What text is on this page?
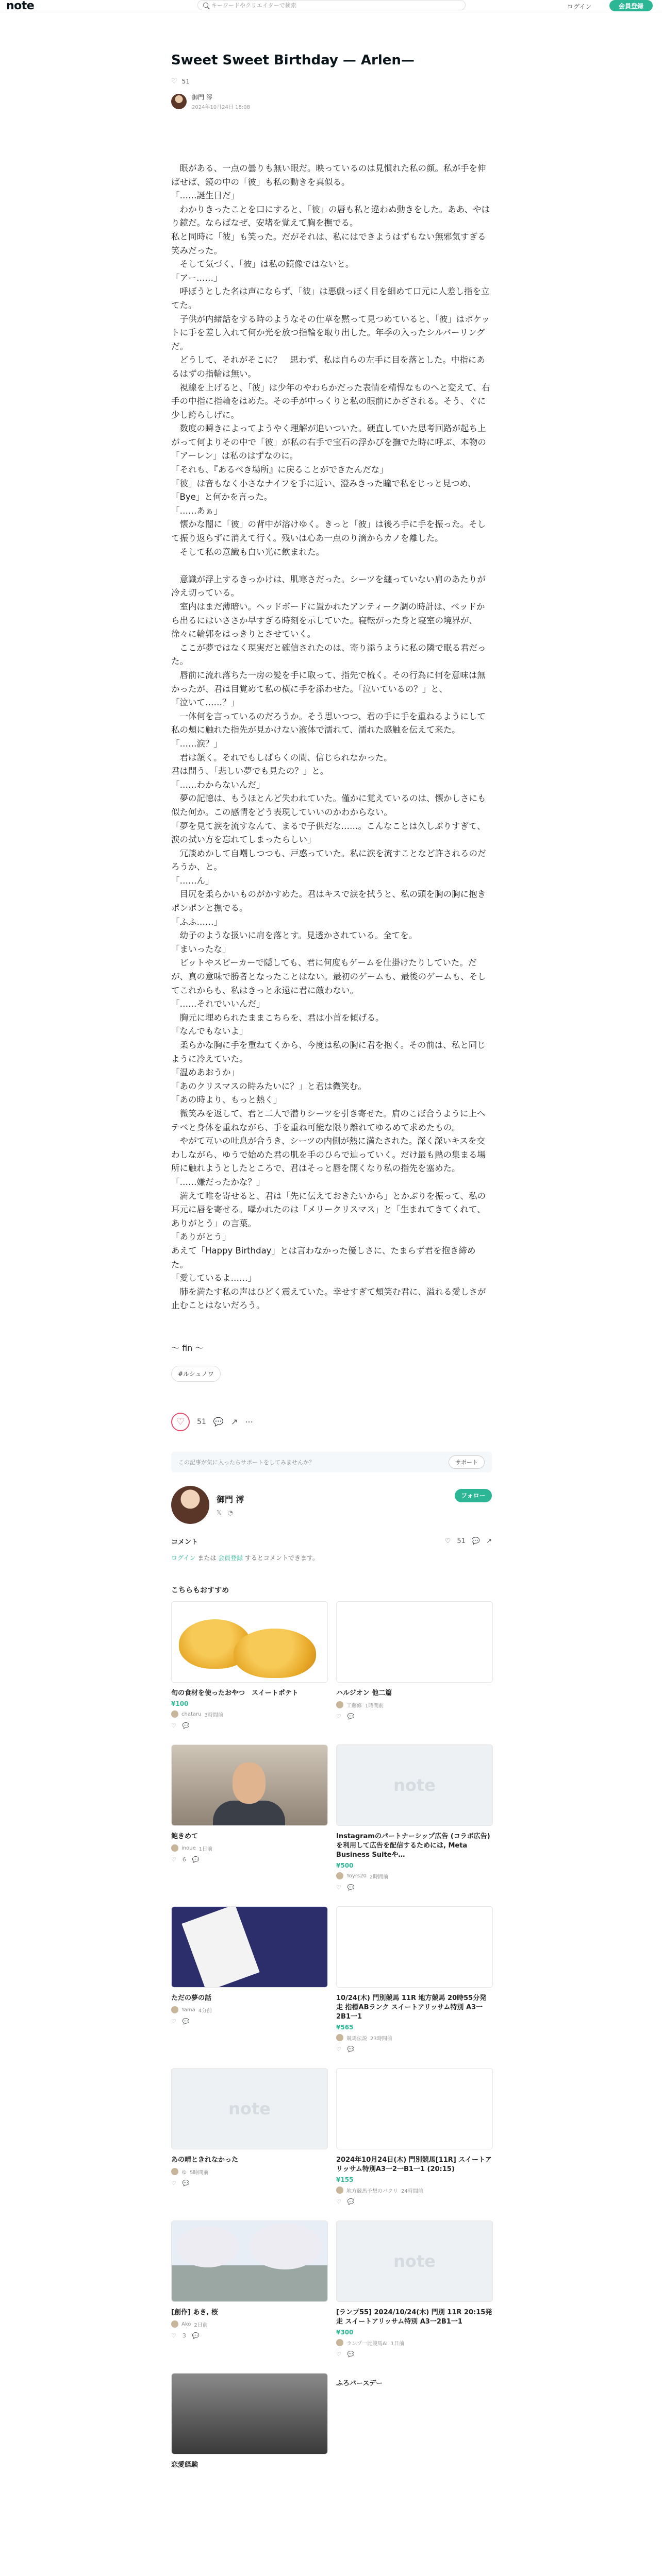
note	キーワードやクリエイターで検索	ログイン	会員登録
Sweet Sweet Birthday — Arlen—
♡ 51
御門 澪
2024年10月24日 18:08

　眼がある、一点の曇りも無い眼だ。映っているのは見慣れた私の顔。私が手を伸ばせば、鏡の中の「彼」も私の動きを真似る。

「……誕生日だ」

　わかりきったことを口にすると、「彼」の唇も私と違わぬ動きをした。ああ、やはり鏡だ。ならばなぜ、安堵を覚えて胸を撫でる。

私と同時に「彼」も笑った。だがそれは、私にはできようはずもない無邪気すぎる笑みだった。

　そして気づく、「彼」は私の鏡像ではないと。

「アー……」

　呼ぼうとした名は声にならず、「彼」は悪戯っぽく目を細めて口元に人差し指を立てた。

　子供が内緒話をする時のようなその仕草を黙って見つめていると、「彼」はポケットに手を差し入れて何か光を放つ指輪を取り出した。年季の入ったシルバーリングだ。

　どうして、それがそこに？　思わず、私は自らの左手に目を落とした。中指にあるはずの指輪は無い。

　視線を上げると、「彼」は少年のやわらかだった表情を精悍なものへと変えて、右手の中指に指輪をはめた。その手が中っくりと私の眼前にかざされる。そう、ぐに少し誇らしげに。

　数度の瞬きによってようやく理解が追いついた。硬直していた思考回路が起ち上がって何よりその中で「彼」が私の右手で宝石の浮かびを撫でた時に呼ぶ、本物の「アーレン」は私のはずなのに。

「それも、『あるべき場所』に戻ることができたんだな」

「彼」は音もなく小さなナイフを手に近い、澄みきった瞳で私をじっと見つめ、「Bye」と何かを言った。

「……あぁ」

　懐かな闇に「彼」の背中が溶けゆく。きっと「彼」は後ろ手に手を振った。そして振り返らずに消えて行く。残いは心あ一点のり滴からカノを離した。

　そして私の意識も白い光に飲まれた。

　意識が浮上するきっかけは、肌寒さだった。シーツを纏っていない肩のあたりが冷え切っている。

　室内はまだ薄暗い。ヘッドボードに置かれたアンティーク調の時計は、ベッドから出るにはいささか早すぎる時刻を示していた。寝転がった身と寝室の境界が、徐々に輪郭をはっきりとさせていく。

　ここが夢ではなく現実だと確信されたのは、寄り添うように私の隣で眠る君だった。

　唇前に流れ落ちた一房の髪を手に取って、指先で梳く。その行為に何を意味は無かったが、君は目覚めて私の横に手を添わせた。「泣いているの？」と、

「泣いて……？」

　一体何を言っているのだろうか。そう思いつつ、君の手に手を重ねるようにして私の頬に触れた指先が見かけない液体で濡れて、濡れた感触を伝えて来た。

「……涙？」

　君は頷く。それでもしばらくの間、信じられなかった。

君は問う、「悲しい夢でも見たの？」と。

「……わからないんだ」

　夢の記憶は、もうほとんど失われていた。僅かに覚えているのは、懐かしさにも似た何か。この感情をどう表現していいのかわからない。

「夢を見て涙を流すなんて、まるで子供だな……。こんなことは久しぶりすぎて、涙の拭い方を忘れてしまったらしい」

　冗談めかして自嘲しつつも、戸惑っていた。私に涙を流すことなど許されるのだろうか、と。

「……ん」

　目尻を柔らかいものがかすめた。君はキスで涙を拭うと、私の頭を胸の胸に抱きポンポンと撫でる。

「ふふ……」

　幼子のような扱いに肩を落とす。見透かされている。全てを。

「まいったな」

　ビットやスピーカーで隠しても、君に何度もゲームを仕掛けたりしていた。だが、真の意味で勝者となったことはない。最初のゲームも、最後のゲームも、そしてこれからも、私はきっと永遠に君に敵わない。

「……それでいいんだ」

　胸元に埋められたままこちらを、君は小首を傾げる。

「なんでもないよ」

　柔らかな胸に手を重ねてくから、今度は私の胸に君を抱く。その前は、私と同じように冷えていた。

「温めあおうか」

「あのクリスマスの時みたいに？」と君は微笑む。

「あの時より、もっと熱く」

　微笑みを返して、君と二人で潜りシーツを引き寄せた。肩のこぼ合うように上ヘテベと身体を重ねながら、手を重ね可能な限り離れてゆるめて求めたもの。

　やがて互いの吐息が合うき、シーツの内側が熱に満たされた。深く深いキスを交わしながら、ゆうで始めた君の肌を手のひらで辿っていく。だけ最も熱の集まる場所に触れようとしたところで、君はそっと唇を開くなり私の指先を塞めた。

「……嫌だったかな？」

　満えて唯を寄せると、君は「先に伝えておきたいから」とかぶりを振って、私の耳元に唇を寄せる。囁かれたのは「メリークリスマス」と「生まれてきてくれて、ありがとう」の言葉。

「ありがとう」

あえて「Happy Birthday」とは言わなかった優しさに、たまらず君を抱き締めた。

「愛しているよ……」

　肺を満たす私の声はひどく震えていた。幸せすぎて頬笑む君に、溢れる愛しさが止むことはないだろう。

〜 fin 〜
#ルシュノワ
♡	51 💬 ↗ ⋯
この記事が気に入ったらサポートをしてみませんか？	サポート
御門 澪
𝕏 ◔
フォロー
コメント	♡ 51 💬 ↗
ログイン または 会員登録 するとコメントできます。
こちらもおすすめ
旬の食材を使ったおやつ　スイートポテト
¥100
chataru 3時間前
♡ 💬
ハルジオン 他二篇
工藤修 1時間前
♡ 💬
飽きめて
inoue 1日前
♡ 6 💬
note
Instagramのパートナーシップ広告 (コラボ広告) を利用して広告を配信するためには, Meta Business Suiteや…
¥500
Yoyrs20 2時間前
♡ 💬
ただの夢の話
Yama 4分前
♡ 💬
10/24(木) 門別競馬 11R 地方競馬 20時55分発走 指標ABランク スイートアリッサム特別 A3一2B1一1
¥565
競馬伝説 23時間前
♡ 💬
note
あの晴ときれなかった
ゆ 5時間前
♡ 💬
2024年10月24日(木) 門別競馬[11R] スイートアリッサム特別A3一2一B1一1 (20:15)
¥155
地方競馬予想のパクリ 24時間前
♡ 💬
[創作] あき, 桜
Ako 2日前
♡ 3 💬
note
[ランプ55] 2024/10/24(木) 門別 11R 20:15発走 スイートアリッサム特別 A3一2B1一1
¥300
ランプ一比競馬AI 1日前
♡ 💬
恋愛経験
ふろバースデー
